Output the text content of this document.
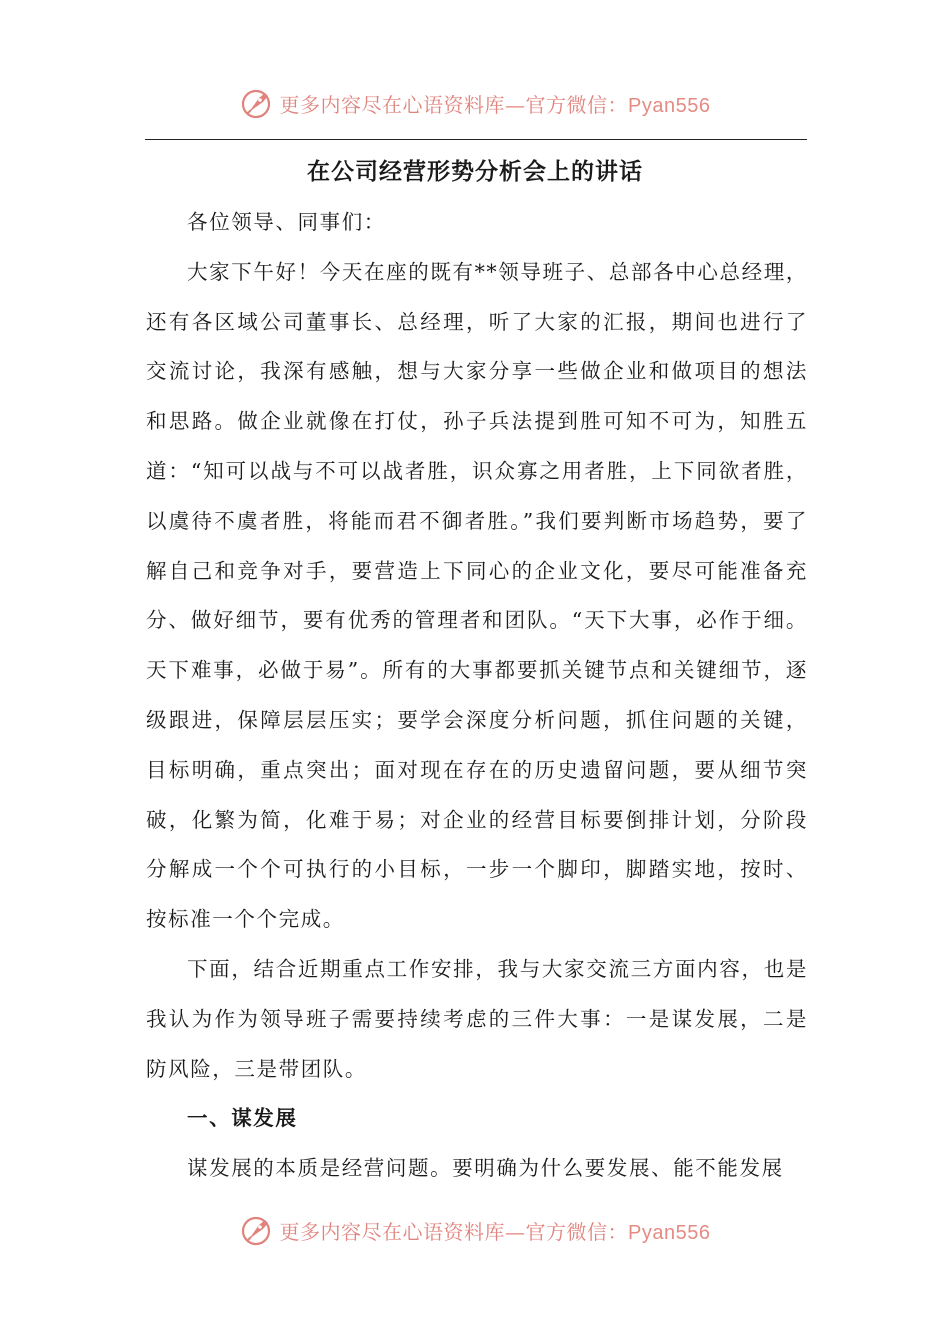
更多内容尽在心语资料库—官方微信：Pyan556
在公司经营形势分析会上的讲话

各位领导、同事们：

大家下午好！今天在座的既有**领导班子、总部各中心总经理，还有各区域公司董事长、总经理，听了大家的汇报，期间也进行了交流讨论，我深有感触，想与大家分享一些做企业和做项目的想法和思路。做企业就像在打仗，孙子兵法提到胜可知不可为，知胜五道：“知可以战与不可以战者胜，识众寡之用者胜，上下同欲者胜，以虞待不虞者胜，将能而君不御者胜。”我们要判断市场趋势，要了解自己和竞争对手，要营造上下同心的企业文化，要尽可能准备充分、做好细节，要有优秀的管理者和团队。“天下大事，必作于细。天下难事，必做于易”。所有的大事都要抓关键节点和关键细节，逐级跟进，保障层层压实；要学会深度分析问题，抓住问题的关键，目标明确，重点突出；面对现在存在的历史遗留问题，要从细节突破，化繁为简，化难于易；对企业的经营目标要倒排计划，分阶段分解成一个个可执行的小目标，一步一个脚印，脚踏实地，按时、按标准一个个完成。

下面，结合近期重点工作安排，我与大家交流三方面内容，也是我认为作为领导班子需要持续考虑的三件大事：一是谋发展，二是防风险，三是带团队。

一、谋发展

谋发展的本质是经营问题。要明确为什么要发展、能不能发展

更多内容尽在心语资料库—官方微信：Pyan556
